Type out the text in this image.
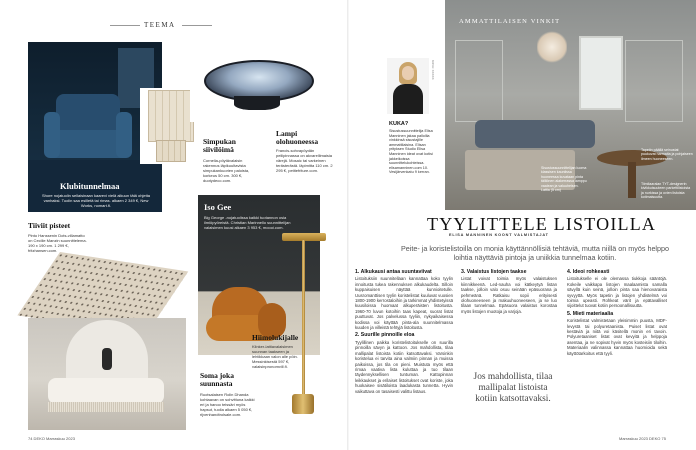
TEEMA
Klubitunnelmaa
Shore nojatuolin sellaisinaan kaarevi vielä alkuun tätä ohjetta vanhaksi. Tuolin saa esilletä tai rimas. alkaen 2 349 €, New Works, nomart.fi.
Simpukan siivilöimä
Cornelia-pöytävalaisin rakennus läpikuultavista simpukankuorien paloista, korkeus 50 cm. 300 €, duotydeco.com.
Lampi olohuoneessa
Francis-sohvapöydän peilipinnassa on akvarellimaisia värejä. Mosaic tai varkeinen terästerästä. läpimitta 110 cm. 2 295 €, petitefriture.com.
Iso Gee
Big George -nojatuolissa kaikki tuotannon osia ilmiöpyöreistä. Christian Marinnello suunnittelijan valaisimen kuusi alkaen 3 953 €, moooi.com.
Tiiviit pisteet
Pinto Hanssenin Dots-villamatto on Cecilie Manzin suunnittelema. 190 x 190 cm. 1 299 €, fritzhansen.com.
Soma joka suunnasta
Ruotsalaisen Rolin Dhanda kohtaavan on sohvittuna kaikki eri ja hanoo teissäri myös hapsut, tuolia alkaen 5 050 €, rijvenhandtrolsale.com.
Hiimolukijalle
Klinker-lattiavalaisimen suunnan taakseen ja lehtikkaan valon alle pöin. Messinkisestä 597 €, valaisinpronomvill.fi.
74 DEKO Marraskuu 2023
KUVA: XXXXX
KUKA?
Sisustussuunnittelija Elisa Manninen jakaa pallollia vinkkinsä sisustajille ammattilaisina. Elisan yrityksen Studio Elisa Manninen ideat ovat kotisi jakkeikoissa suunnittelukohteissa. elisamanninen.com 10. Vesijärvenkatu 9 kerran.
AMMATTILAISEN VINKIT
Sisustussuunnittelijan luoma klassisen kauniissa huoneessa kuvataan pinta tälllönen alakerrassa lamppu vaalean ja valuuheisen. Lattia (5 cm)
Tapetin päällä seinustat puukuvat harmaita ja pohjaiseen ilmeen huoneeseen.
Tiimilaaralan TYT-designerin kivikkuisuuteen parkettilistoista ja nurkissa ja ovien listoista kotimaisuutta.
TYYLITTELE LISTOILLA
ELISA MANNINEN KOONT VALMISTAJAT
Peite- ja koristelistoilla on monia käyttännöllisiä tehtäviä, mutta niillä on myös helppo loihtia näyttäviä pintoja ja uniikkia tunnelmaa kotiin.
1. Alkukausi antaa suuntaviivat

Listoituksiin suunnitellaan kannattaa koko tyylin innoitusta tukea rakennuksen alkukaudelta. Silloin kuppaisuisen näyttää kunnioitetulle. Uusromanttisen tyylin koristelistat kuuluvat vuosien 1800-1900 kerrostaloihin ja tarkimmat yhdistetyissä kuusiloissa huomaat alkuperäisten listoitusta. 1960-70 luvun kotoihin taas kapeat, suorat listat puuttuvat. Jos palvelussa tyyliin, nykyaikaisessa kodissa voi käyttää pinta-ala suunnitelmassa kuuden ja villeistä tehtyjä listoitusta.

2. Suurille pinnoille eloa

Tyylillinen paikka koristelistoitukselle on suurilla pinnoilla sävyn ja kattoon. Jos mahdollista, tilaa mallipalat listoista kotiin katsottavaksi. Varsinkin koristelua ei tarvita aina valmiin pinnan ja muissa paikoissa, jos tila on pieni. Muistuta myös että rimaa vaativa lista kuluttaa ja tuo tilaan täydennyksellisen tuntuman. Kattopinnan leikkaukset ja erilaiset listoitukset ovat koriste, joka huokaisee sisätiloista laadukasta tunnetta. Hyvin vaikuttava on tasaisesti valittu listaus.

3. Valaistus listojen taakse

Listat voivat toimia myös valaistuksen kiinnikkeenä. Led-nauha voi kätkeytyä listan taakse, jolloin valo osuu seinään epäsuorana ja pehmeänä. Ratkaisu sopii erityisesti olohuoneeseen ja makuuhuoneeseen, ja se luo tilaan tunnelmaa. Epäsuora valaistus korostaa myös listojen muotoja ja varjoja.

Jos mahdollista, tilaa mallipalat listoista kotiin katsottavaksi.
4. Ideoi rohkeasti

Listoitukselle ei ole olemassa tiukkoja sääntöjä. Kokeile vaikkapa listojen maalaamista samalla sävyllä kuin seinä, jolloin pinta saa hienovaraista syvyyttä. Myös tapetin ja listojen yhdistelmä voi toimia upeasti. Rohkeat värit ja epätavalliset sijoittelut tuovat kotiin persoonallisuutta.

5. Mieti materiaalia

Koristelistat valmistetaan yleisimmin puusta, MDF-levystä tai polyuretaanista. Puiset listat ovat kestäviä ja niitä voi käsitellä monin eri tavoin. Polyuretaaniset listat ovat kevyitä ja helppoja asentaa, ja ne sopivat hyvin myös kosteisiin tiloihin. Materiaalin valinnassa kannattaa huomioida sekä käyttötarkoitus että tyyli.

Marraskuu 2023 DEKO 75
